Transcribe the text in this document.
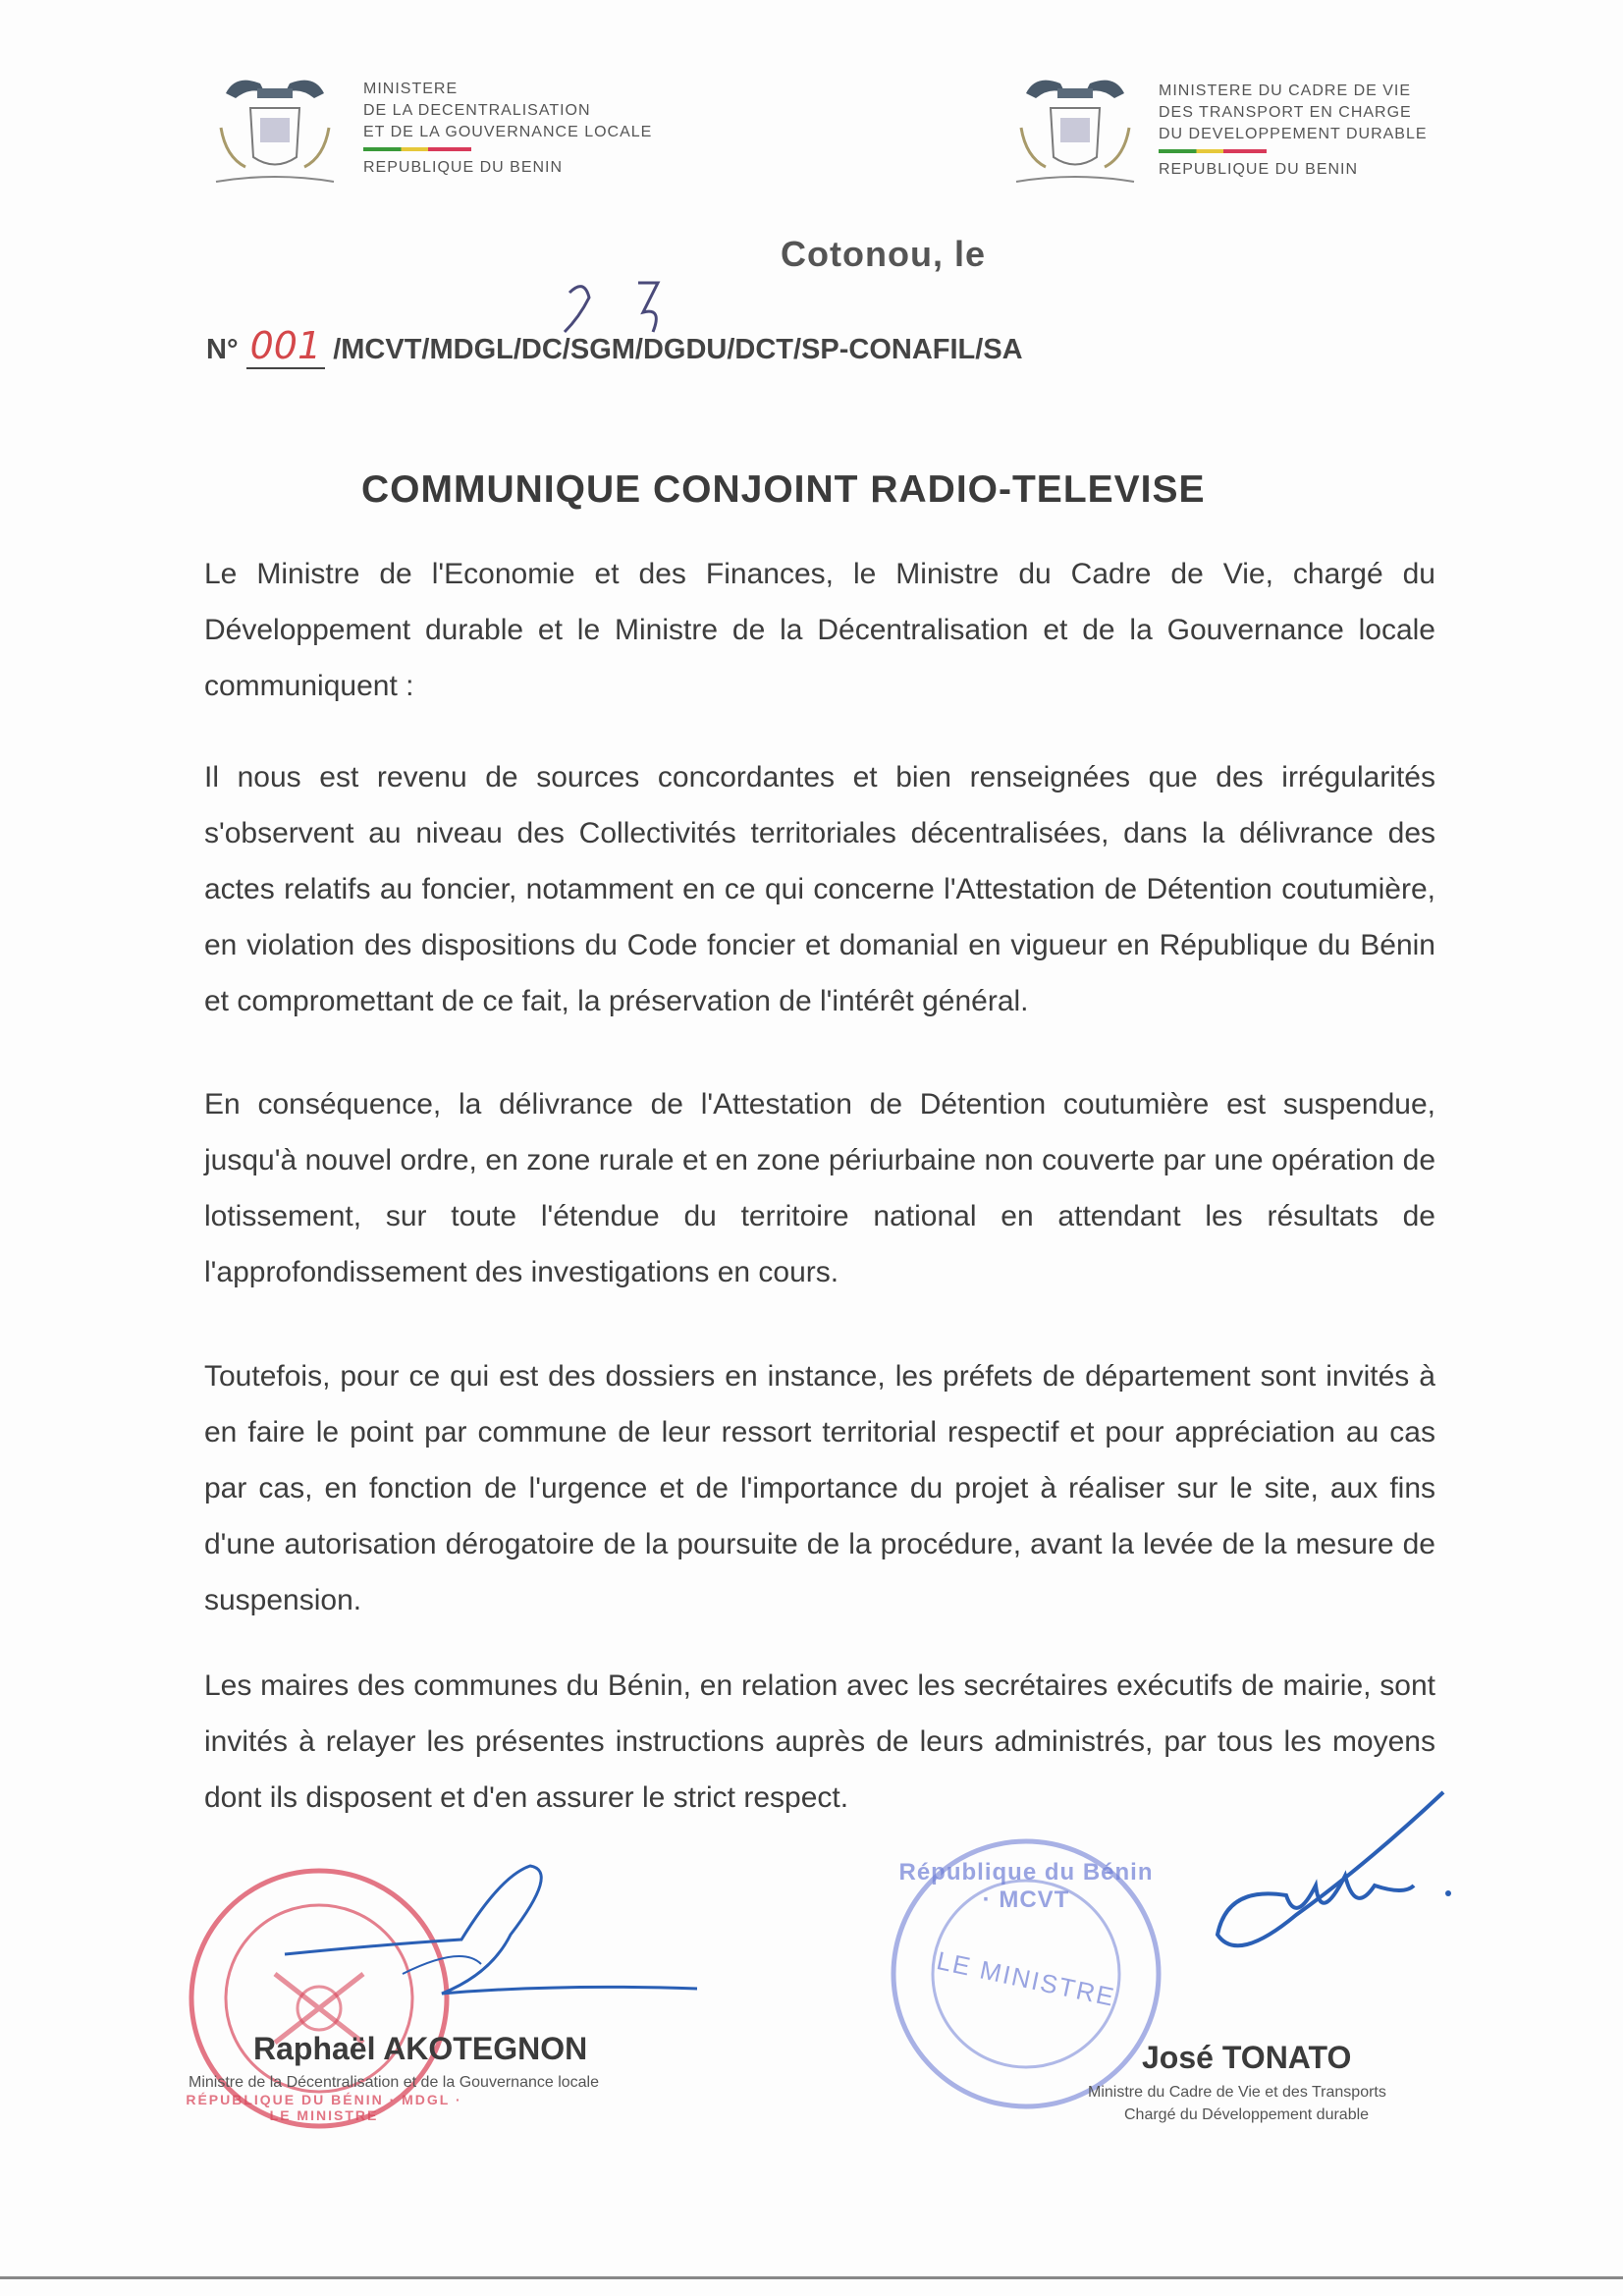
MINISTERE
DE LA DECENTRALISATION
ET DE LA GOUVERNANCE LOCALE
REPUBLIQUE DU BENIN
MINISTERE DU CADRE DE VIE
DES TRANSPORT EN CHARGE
DU DEVELOPPEMENT DURABLE
REPUBLIQUE DU BENIN
Cotonou, le
N° 001 /MCVT/MDGL/DC/SGM/DGDU/DCT/SP-CONAFIL/SA
COMMUNIQUE CONJOINT RADIO-TELEVISE
Le Ministre de l'Economie et des Finances, le Ministre du Cadre de Vie, chargé du Développement durable et le Ministre de la Décentralisation et de la Gouvernance locale communiquent :
Il nous est revenu de sources concordantes et bien renseignées que des irrégularités s'observent au niveau des Collectivités territoriales décentralisées, dans la délivrance des actes relatifs au foncier, notamment en ce qui concerne l'Attestation de Détention coutumière, en violation des dispositions du Code foncier et domanial en vigueur en République du Bénin et compromettant de ce fait, la préservation de l'intérêt général.
En conséquence, la délivrance de l'Attestation de Détention coutumière est suspendue, jusqu'à nouvel ordre, en zone rurale et en zone périurbaine non couverte par une opération de lotissement, sur toute l'étendue du territoire national en attendant les résultats de l'approfondissement des investigations en cours.
Toutefois, pour ce qui est des dossiers en instance, les préfets de département sont invités à en faire le point par commune de leur ressort territorial respectif et pour appréciation au cas par cas, en fonction de l'urgence et de l'importance du projet à réaliser sur le site, aux fins d'une autorisation dérogatoire de la poursuite de la procédure, avant la levée de la mesure de suspension.
Les maires des communes du Bénin, en relation avec les secrétaires exécutifs de mairie, sont invités à relayer les présentes instructions auprès de leurs administrés, par tous les moyens dont ils disposent et d'en assurer le strict respect.
RÉPUBLIQUE DU BÉNIN · MDGL · LE MINISTRE
Raphaël AKOTEGNON
Ministre de la Décentralisation et de la Gouvernance locale
République du Bénin · MCVT
LE MINISTRE
José TONATO
Ministre du Cadre de Vie et des Transports
Chargé du Développement durable
